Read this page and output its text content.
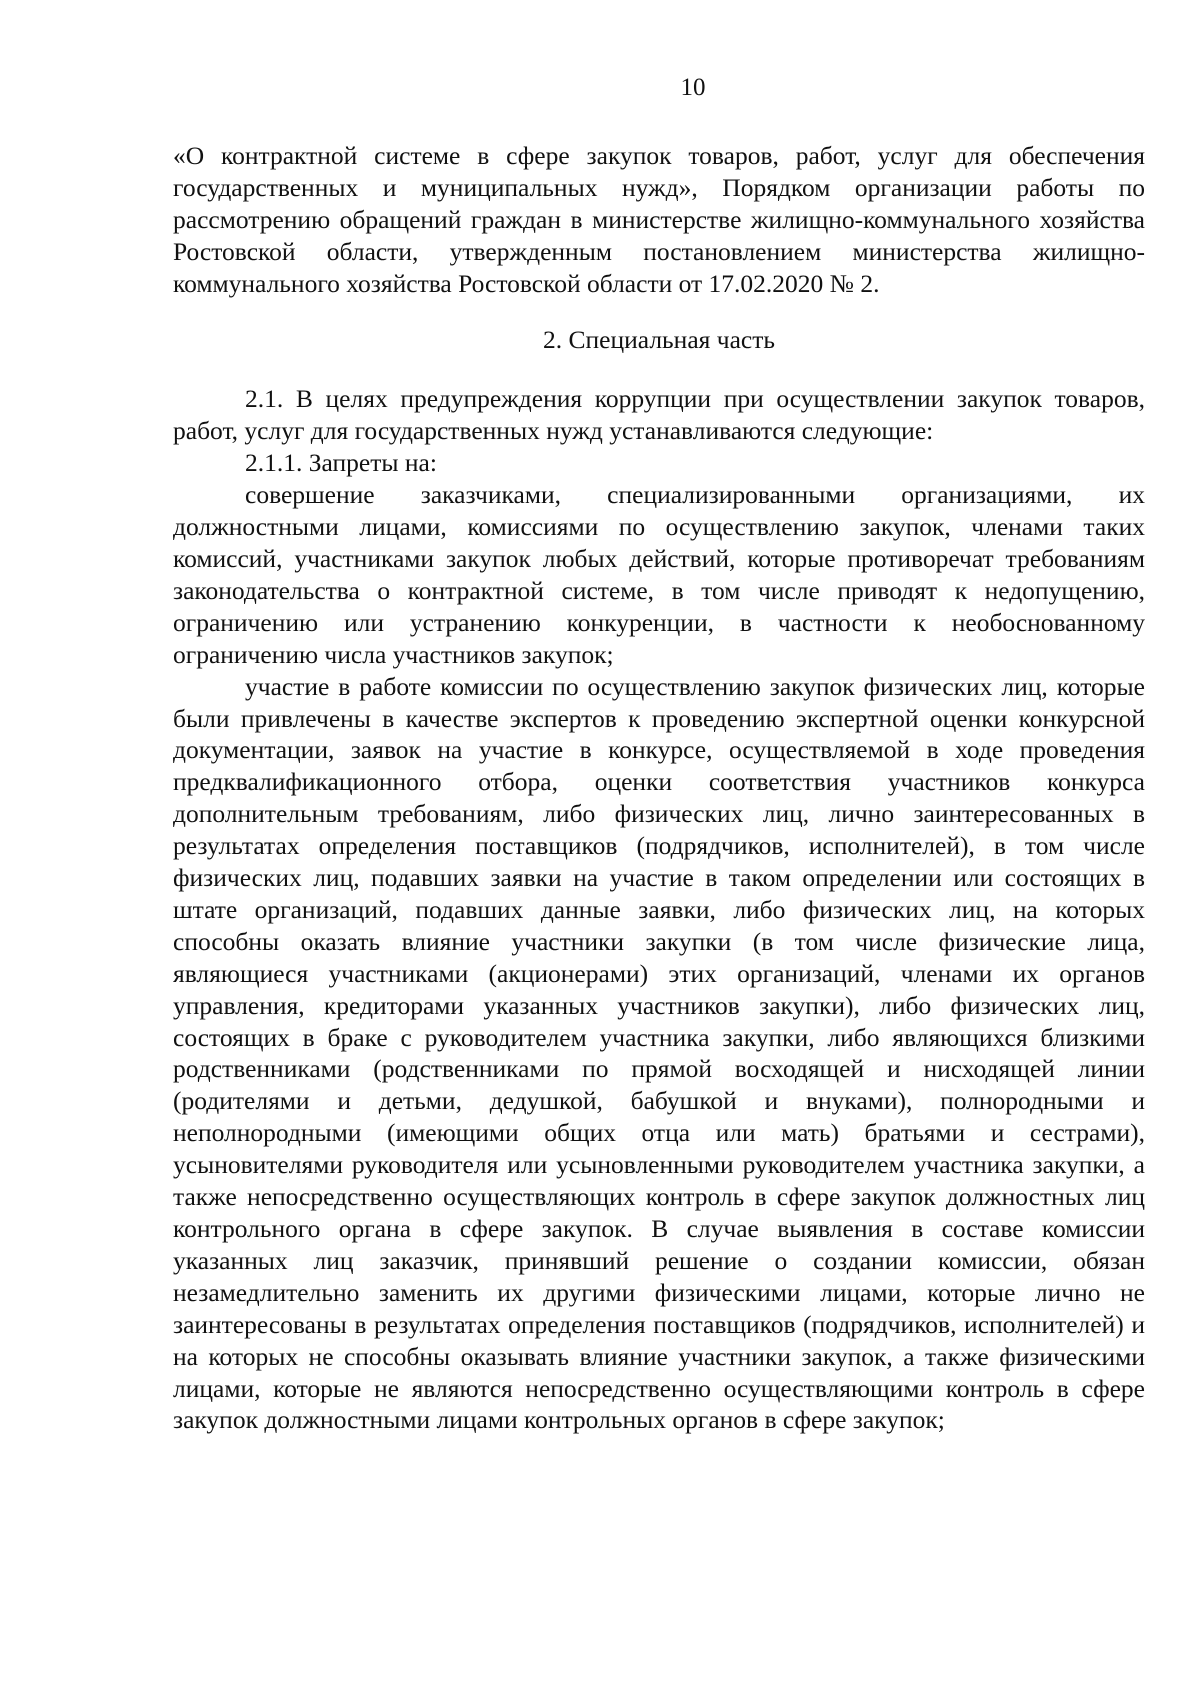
10

«О контрактной системе в сфере закупок товаров, работ, услуг для обеспечения государственных и муниципальных нужд», Порядком организации работы по рассмотрению обращений граждан в министерстве жилищно-коммунального хозяйства Ростовской области, утвержденным постановлением министерства жилищно-коммунального хозяйства Ростовской области от 17.02.2020 № 2.

2. Специальная часть

2.1. В целях предупреждения коррупции при осуществлении закупок товаров, работ, услуг для государственных нужд устанавливаются следующие:

2.1.1. Запреты на:

совершение заказчиками, специализированными организациями, их должностными лицами, комиссиями по осуществлению закупок, членами таких комиссий, участниками закупок любых действий, которые противоречат требованиям законодательства о контрактной системе, в том числе приводят к недопущению, ограничению или устранению конкуренции, в частности к необоснованному ограничению числа участников закупок;

участие в работе комиссии по осуществлению закупок физических лиц, которые были привлечены в качестве экспертов к проведению экспертной оценки конкурсной документации, заявок на участие в конкурсе, осуществляемой в ходе проведения предквалификационного отбора, оценки соответствия участников конкурса дополнительным требованиям, либо физических лиц, лично заинтересованных в результатах определения поставщиков (подрядчиков, исполнителей), в том числе физических лиц, подавших заявки на участие в таком определении или состоящих в штате организаций, подавших данные заявки, либо физических лиц, на которых способны оказать влияние участники закупки (в том числе физические лица, являющиеся участниками (акционерами) этих организаций, членами их органов управления, кредиторами указанных участников закупки), либо физических лиц, состоящих в браке с руководителем участника закупки, либо являющихся близкими родственниками (родственниками по прямой восходящей и нисходящей линии (родителями и детьми, дедушкой, бабушкой и внуками), полнородными и неполнородными (имеющими общих отца или мать) братьями и сестрами), усыновителями руководителя или усыновленными руководителем участника закупки, а также непосредственно осуществляющих контроль в сфере закупок должностных лиц контрольного органа в сфере закупок. В случае выявления в составе комиссии указанных лиц заказчик, принявший решение о создании комиссии, обязан незамедлительно заменить их другими физическими лицами, которые лично не заинтересованы в результатах определения поставщиков (подрядчиков, исполнителей) и на которых не способны оказывать влияние участники закупок, а также физическими лицами, которые не являются непосредственно осуществляющими контроль в сфере закупок должностными лицами контрольных органов в сфере закупок;
